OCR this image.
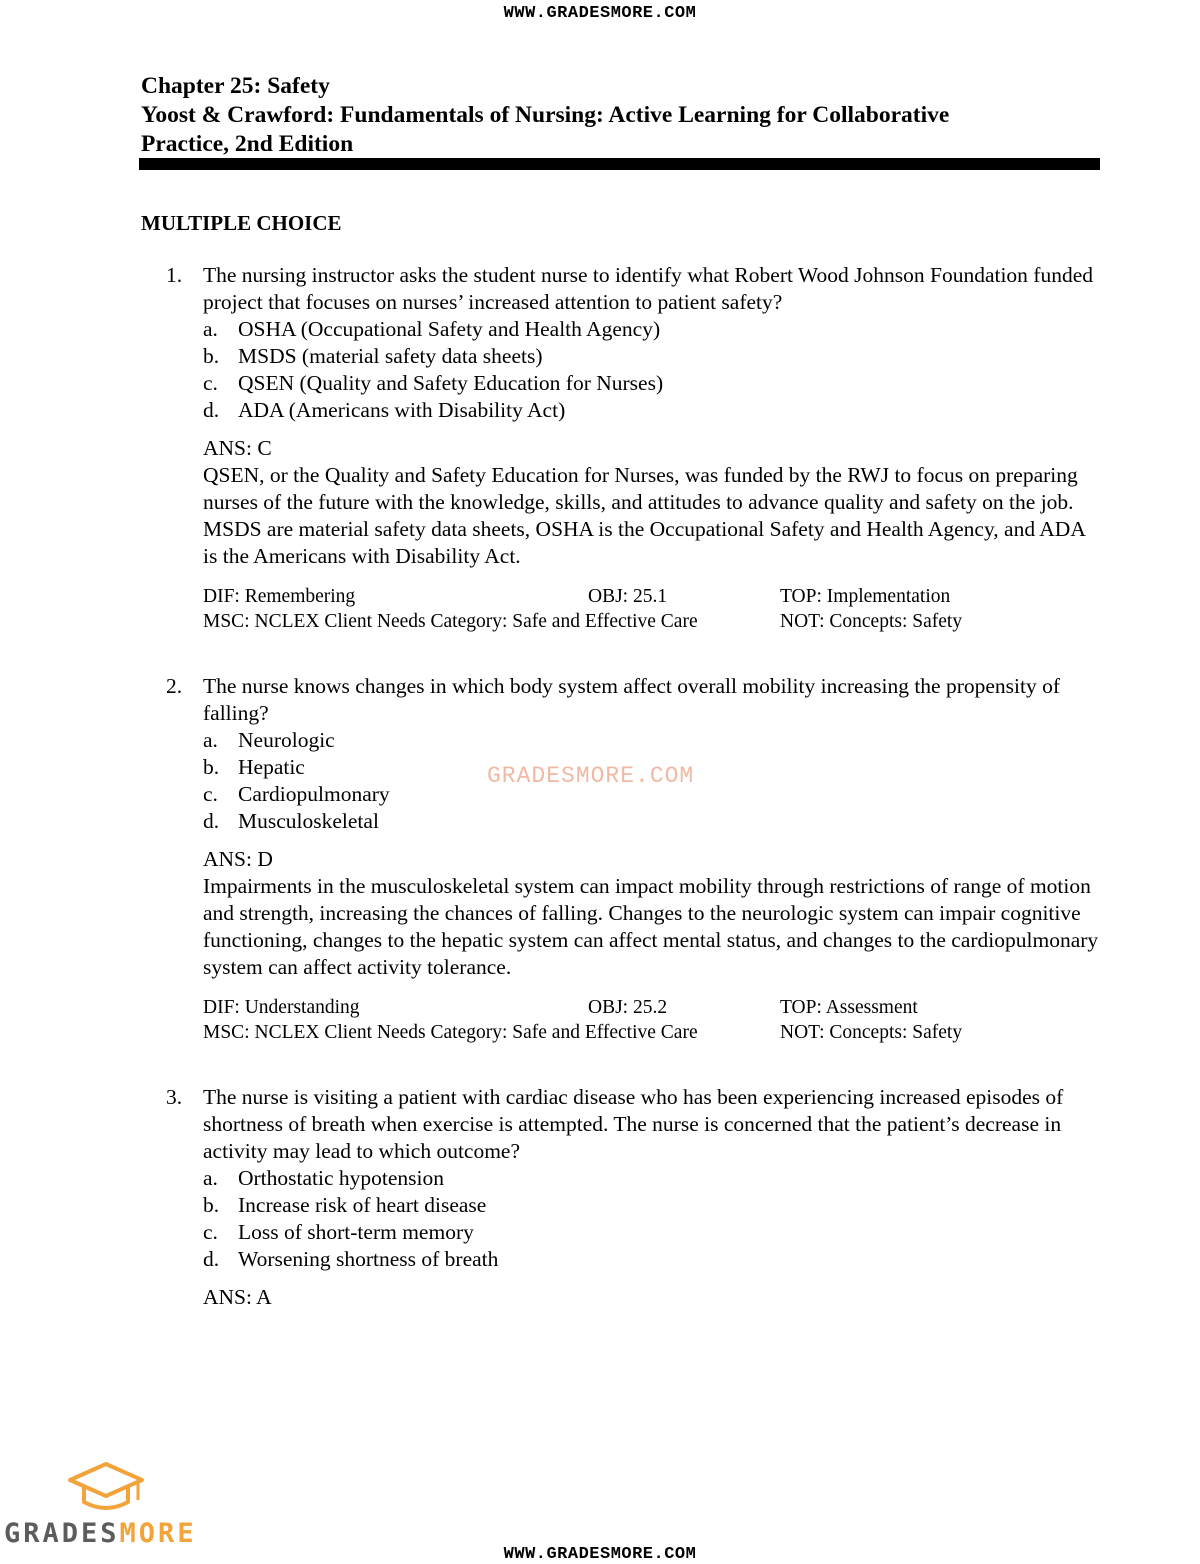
WWW.GRADESMORE.COM
Chapter 25: Safety
Yoost & Crawford: Fundamentals of Nursing: Active Learning for Collaborative
Practice, 2nd Edition
MULTIPLE CHOICE
1. The nursing instructor asks the student nurse to identify what Robert Wood Johnson Foundation funded project that focuses on nurses’ increased attention to patient safety?
a. OSHA (Occupational Safety and Health Agency)
b. MSDS (material safety data sheets)
c. QSEN (Quality and Safety Education for Nurses)
d. ADA (Americans with Disability Act)
ANS: C
QSEN, or the Quality and Safety Education for Nurses, was funded by the RWJ to focus on preparing nurses of the future with the knowledge, skills, and attitudes to advance quality and safety on the job. MSDS are material safety data sheets, OSHA is the Occupational Safety and Health Agency, and ADA is the Americans with Disability Act.
DIF: Remembering	OBJ: 25.1	TOP: Implementation
MSC: NCLEX Client Needs Category: Safe and Effective Care	NOT: Concepts: Safety
2. The nurse knows changes in which body system affect overall mobility increasing the propensity of falling?
a. Neurologic
b. Hepatic
c. Cardiopulmonary
d. Musculoskeletal
ANS: D
Impairments in the musculoskeletal system can impact mobility through restrictions of range of motion and strength, increasing the chances of falling. Changes to the neurologic system can impair cognitive functioning, changes to the hepatic system can affect mental status, and changes to the cardiopulmonary system can affect activity tolerance.
DIF: Understanding	OBJ: 25.2	TOP: Assessment
MSC: NCLEX Client Needs Category: Safe and Effective Care	NOT: Concepts: Safety
3. The nurse is visiting a patient with cardiac disease who has been experiencing increased episodes of shortness of breath when exercise is attempted. The nurse is concerned that the patient’s decrease in activity may lead to which outcome?
a. Orthostatic hypotension
b. Increase risk of heart disease
c. Loss of short-term memory
d. Worsening shortness of breath
ANS: A
GRADESMORE.COM
GRADESMORE
WWW.GRADESMORE.COM
